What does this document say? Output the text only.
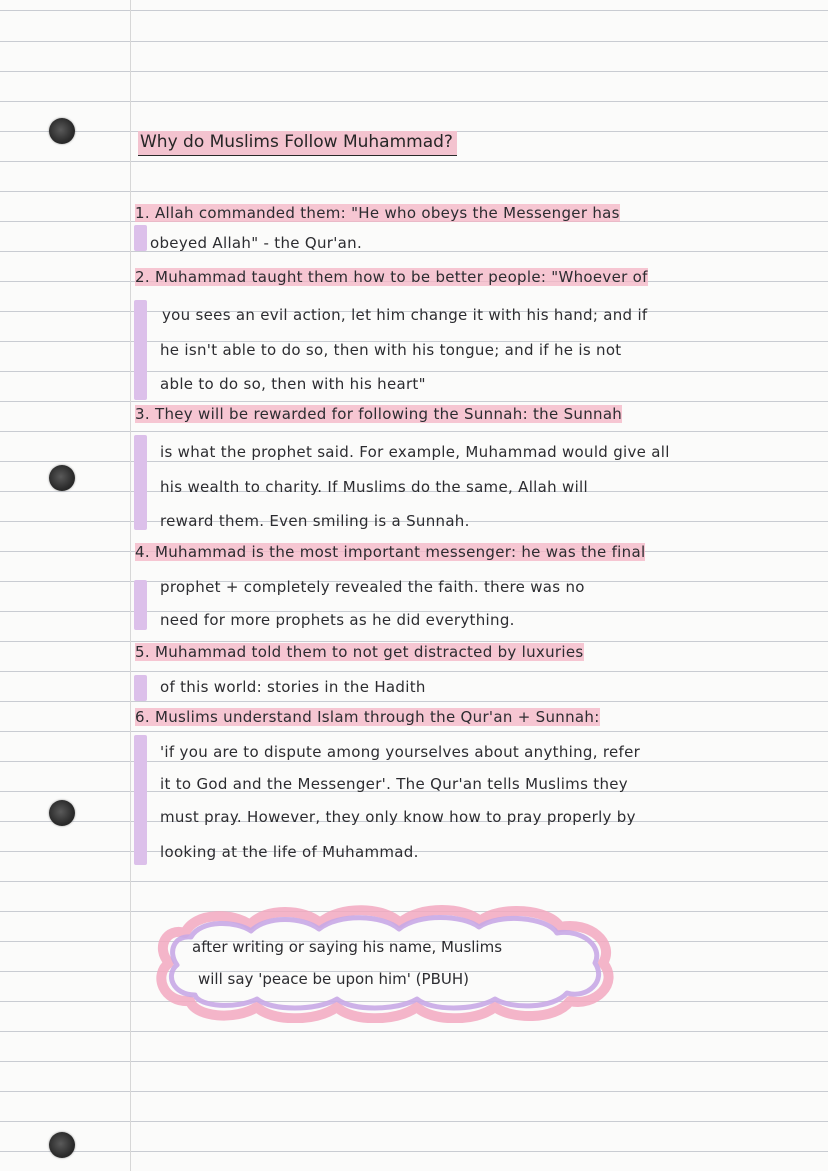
Why do Muslims Follow Muhammad?
1. Allah commanded them: "He who obeys the Messenger has
obeyed Allah" - the Qur'an.
2. Muhammad taught them how to be better people: "Whoever of
you sees an evil action, let him change it with his hand; and if
he isn't able to do so, then with his tongue; and if he is not
able to do so, then with his heart"
3. They will be rewarded for following the Sunnah: the Sunnah
is what the prophet said. For example, Muhammad would give all
his wealth to charity. If Muslims do the same, Allah will
reward them. Even smiling is a Sunnah.
4. Muhammad is the most important messenger: he was the final
prophet + completely revealed the faith. there was no
need for more prophets as he did everything.
5. Muhammad told them to not get distracted by luxuries
of this world: stories in the Hadith
6. Muslims understand Islam through the Qur'an + Sunnah:
'if you are to dispute among yourselves about anything, refer
it to God and the Messenger'. The Qur'an tells Muslims they
must pray. However, they only know how to pray properly by
looking at the life of Muhammad.
after writing or saying his name, Muslims
will say 'peace be upon him' (PBUH)
